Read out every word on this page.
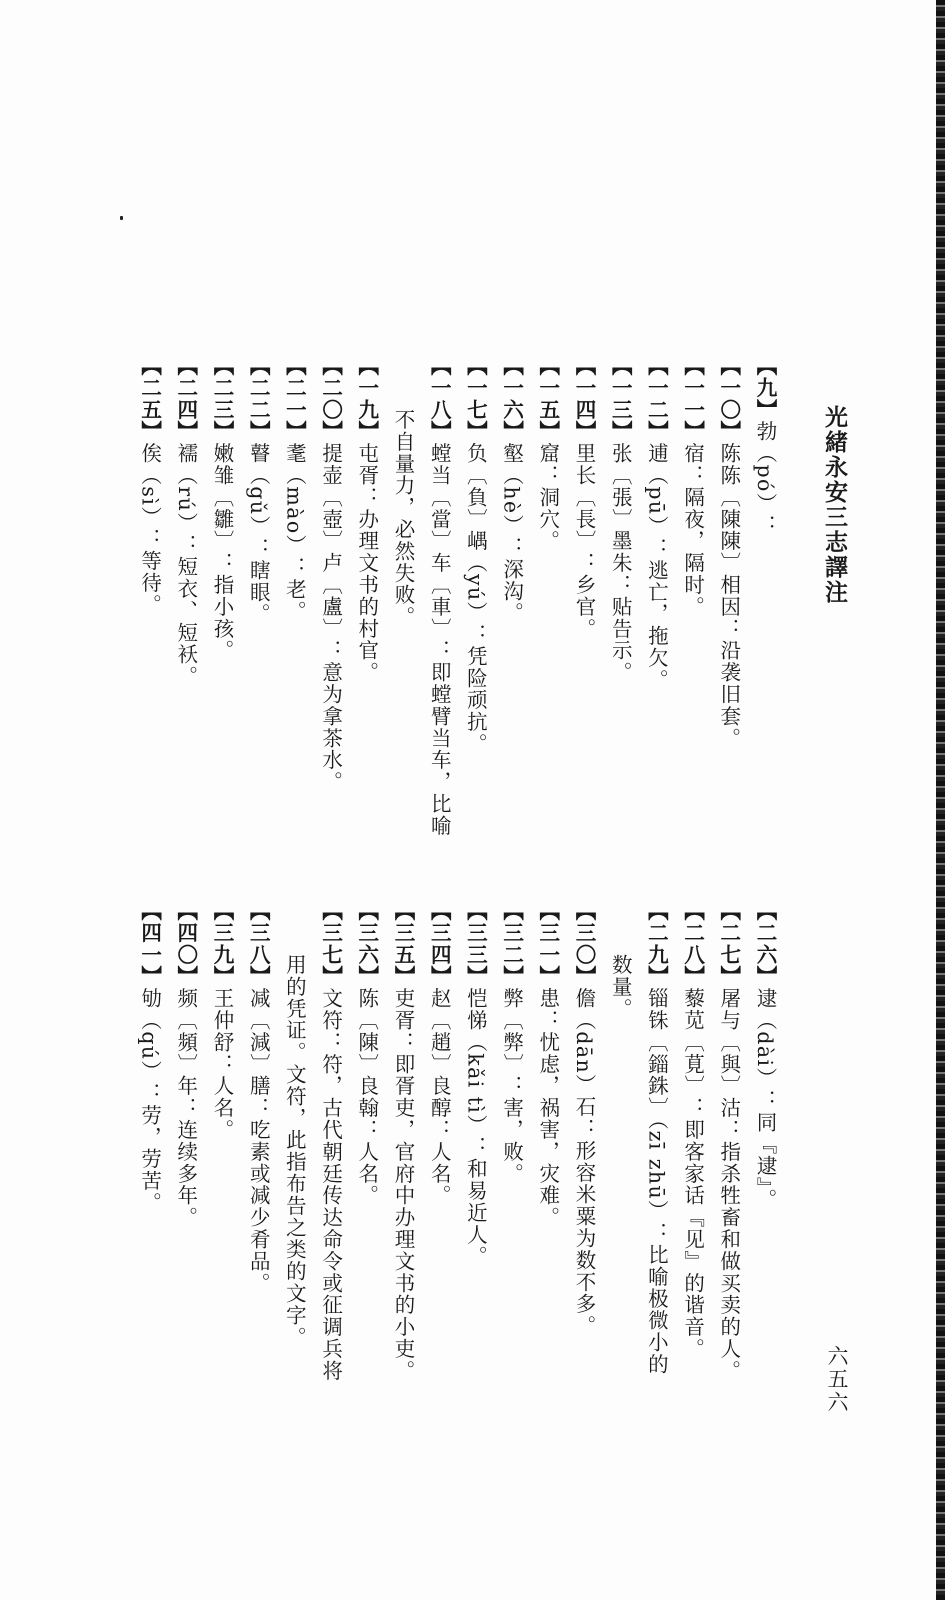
光緒永安三志譯注
【九】勃（pó）：
【一〇】陈陈〔陳陳〕相因：沿袭旧套。
【一一】宿：隔夜，隔时。
【一二】逋（pū）：逃亡，拖欠。
【一三】张〔張〕墨朱：贴告示。
【一四】里长〔長〕：乡官。
【一五】窟：洞穴。
【一六】壑（hè）：深沟。
【一七】负〔負〕嵎（yú）：凭险顽抗。
【一八】螳当〔當〕车〔車〕：即螳臂当车，比喻
不自量力，必然失败。
【一九】屯胥：办理文书的村官。
【二〇】提壶〔壺〕卢〔盧〕：意为拿茶水。
【二一】耄（mào）：老。
【二二】瞽（gǔ）：瞎眼。
【二三】嫩雏〔雛〕：指小孩。
【二四】襦（rú）：短衣、短袄。
【二五】俟（sì）：等待。
【二六】逮（dài）：同『逮』。
【二七】屠与〔與〕沽：指杀牲畜和做买卖的人。
【二八】藜苋〔莧〕：即客家话『见』的谐音。
【二九】锱铢〔錙銖〕（zī zhū）：比喻极微小的
数量。
【三〇】儋（dān）石：形容米粟为数不多。
【三一】患：忧虑，祸害，灾难。
【三二】弊〔弊〕：害，败。
【三三】恺悌（kǎi tì）：和易近人。
【三四】赵〔趙〕良醇：人名。
【三五】吏胥：即胥吏，官府中办理文书的小吏。
【三六】陈〔陳〕良翰：人名。
【三七】文符：符，古代朝廷传达命令或征调兵将
用的凭证。文符，此指布告之类的文字。
【三八】减〔減〕膳：吃素或减少肴品。
【三九】王仲舒：人名。
【四〇】频〔頻〕年：连续多年。
【四一】劬（qú）：劳，劳苦。
六五六
